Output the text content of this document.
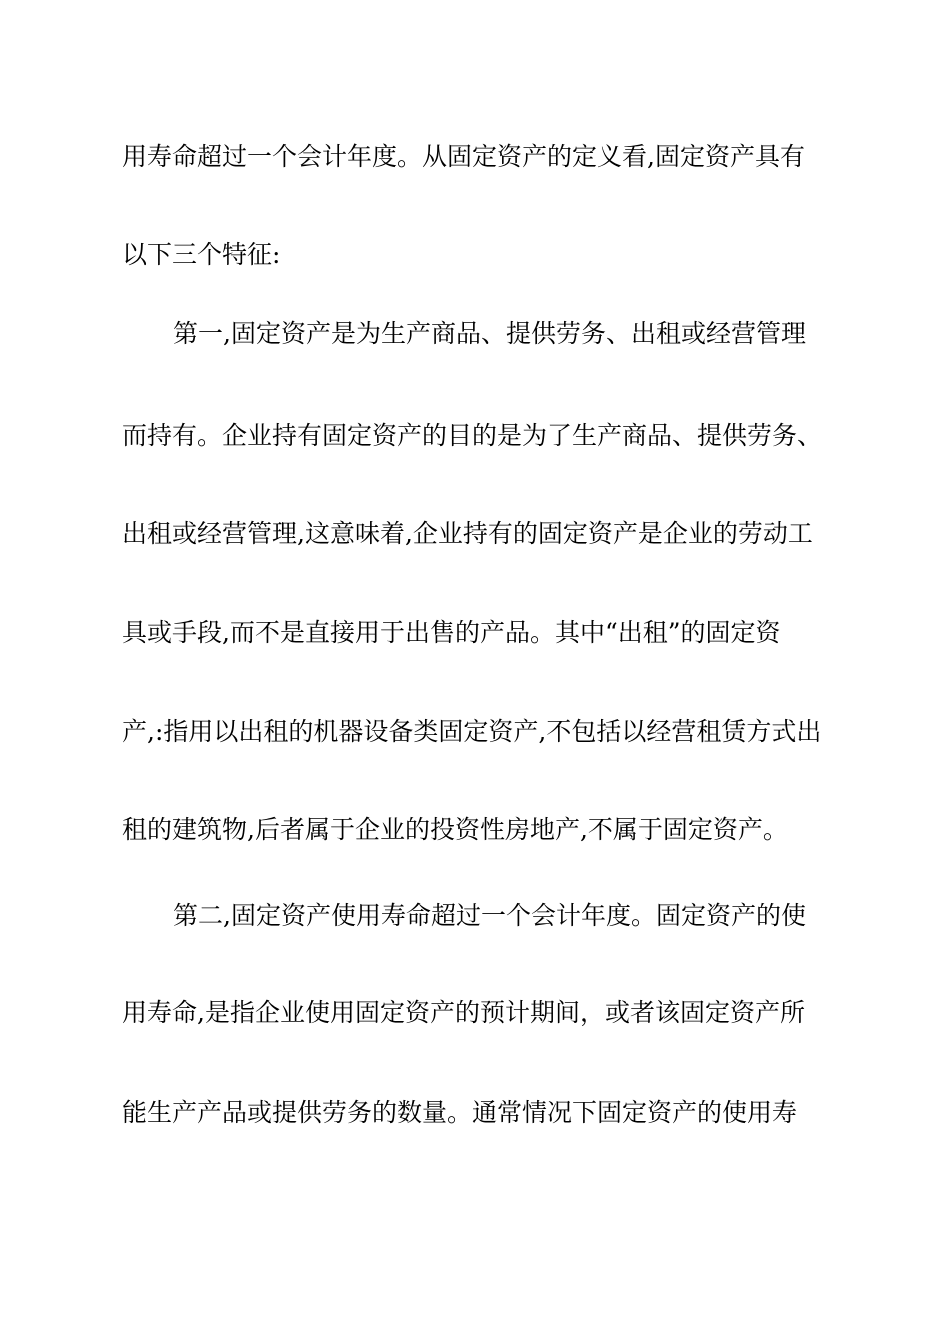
用寿命超过一个会计年度。从固定资产的定义看,固定资产具有
以下三个特征:
第一,固定资产是为生产商品、提供劳务、出租或经营管理
而持有。企业持有固定资产的目的是为了生产商品、提供劳务、
出租或经营管理,这意味着,企业持有的固定资产是企业的劳动工
具或手段,而不是直接用于出售的产品。其中“出租”的固定资
产,:指用以出租的机器设备类固定资产,不包括以经营租赁方式出
租的建筑物,后者属于企业的投资性房地产,不属于固定资产。
第二,固定资产使用寿命超过一个会计年度。固定资产的使
用寿命,是指企业使用固定资产的预计期间，或者该固定资产所
能生产产品或提供劳务的数量。通常情况下固定资产的使用寿
